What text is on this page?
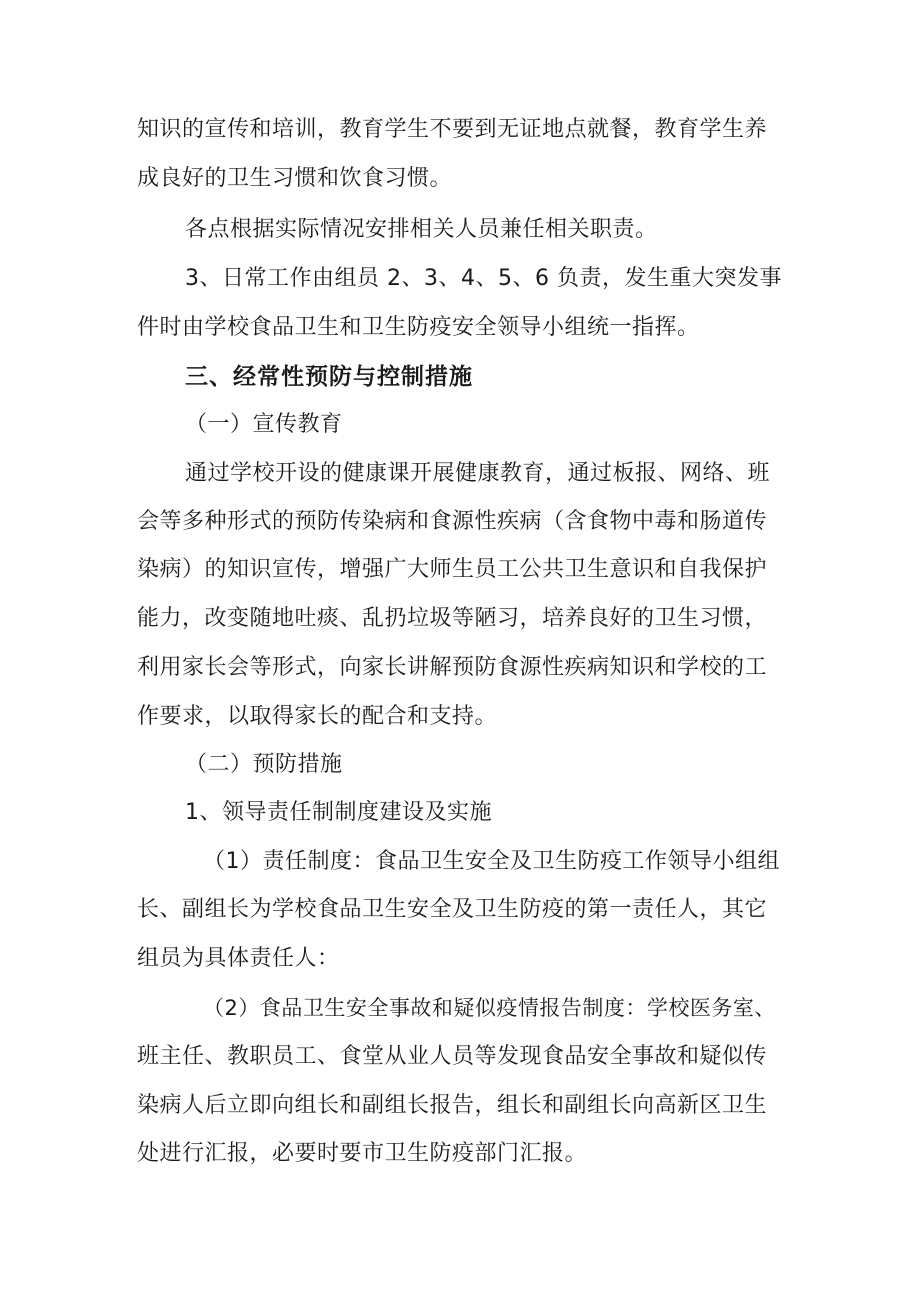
知识的宣传和培训，教育学生不要到无证地点就餐，教育学生养
成良好的卫生习惯和饮食习惯。
各点根据实际情况安排相关人员兼任相关职责。
3、日常工作由组员 2、3、4、5、6 负责，发生重大突发事
件时由学校食品卫生和卫生防疫安全领导小组统一指挥。
三、经常性预防与控制措施
（一）宣传教育
通过学校开设的健康课开展健康教育，通过板报、网络、班
会等多种形式的预防传染病和食源性疾病（含食物中毒和肠道传
染病）的知识宣传，增强广大师生员工公共卫生意识和自我保护
能力，改变随地吐痰、乱扔垃圾等陋习，培养良好的卫生习惯，
利用家长会等形式，向家长讲解预防食源性疾病知识和学校的工
作要求，以取得家长的配合和支持。
（二）预防措施
1、领导责任制制度建设及实施
（1）责任制度：食品卫生安全及卫生防疫工作领导小组组
长、副组长为学校食品卫生安全及卫生防疫的第一责任人，其它
组员为具体责任人：
（2）食品卫生安全事故和疑似疫情报告制度：学校医务室、
班主任、教职员工、食堂从业人员等发现食品安全事故和疑似传
染病人后立即向组长和副组长报告，组长和副组长向高新区卫生
处进行汇报，必要时要市卫生防疫部门汇报。
